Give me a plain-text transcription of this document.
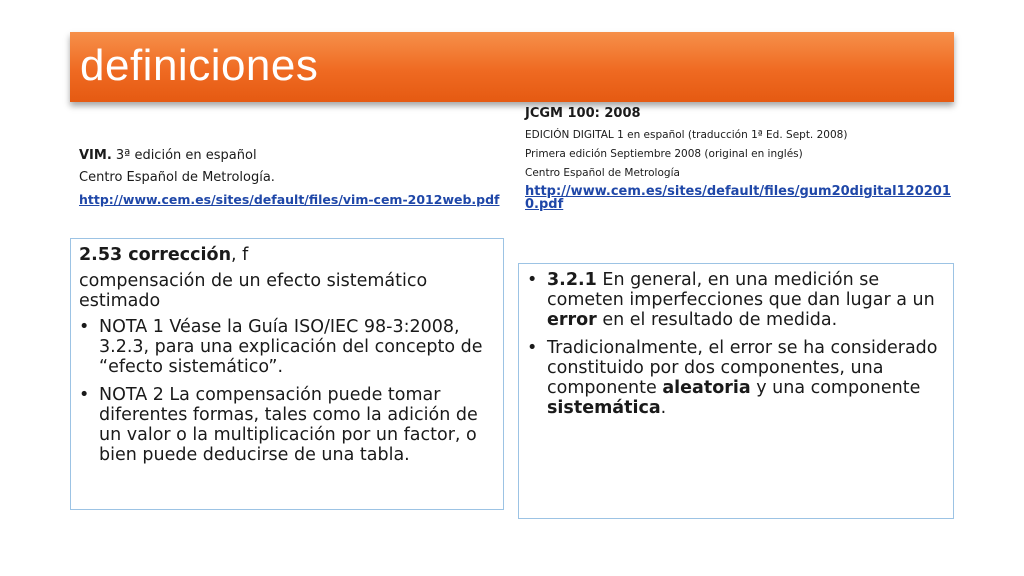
definiciones
VIM. 3ª edición en español
Centro Español de Metrología.
http://www.cem.es/sites/default/files/vim-cem-2012web.pdf
JCGM 100: 2008
EDICIÓN DIGITAL 1 en español (traducción 1ª Ed. Sept. 2008)
Primera edición Septiembre 2008 (original en inglés)
Centro Español de Metrología
http://www.cem.es/sites/default/files/gum20digital1202010.pdf

2.53 corrección, f

compensación de un efecto sistemático estimado

• NOTA 1 Véase la Guía ISO/IEC 98-3:2008, 3.2.3, para una explicación del concepto de “efecto sistemático”.
• NOTA 2 La compensación puede tomar diferentes formas, tales como la adición de un valor o la multiplicación por un factor, o bien puede deducirse de una tabla.
• 3.2.1 En general, en una medición se cometen imperfecciones que dan lugar a un error en el resultado de medida.
• Tradicionalmente, el error se ha considerado constituido por dos componentes, una componente aleatoria y una componente sistemática.
